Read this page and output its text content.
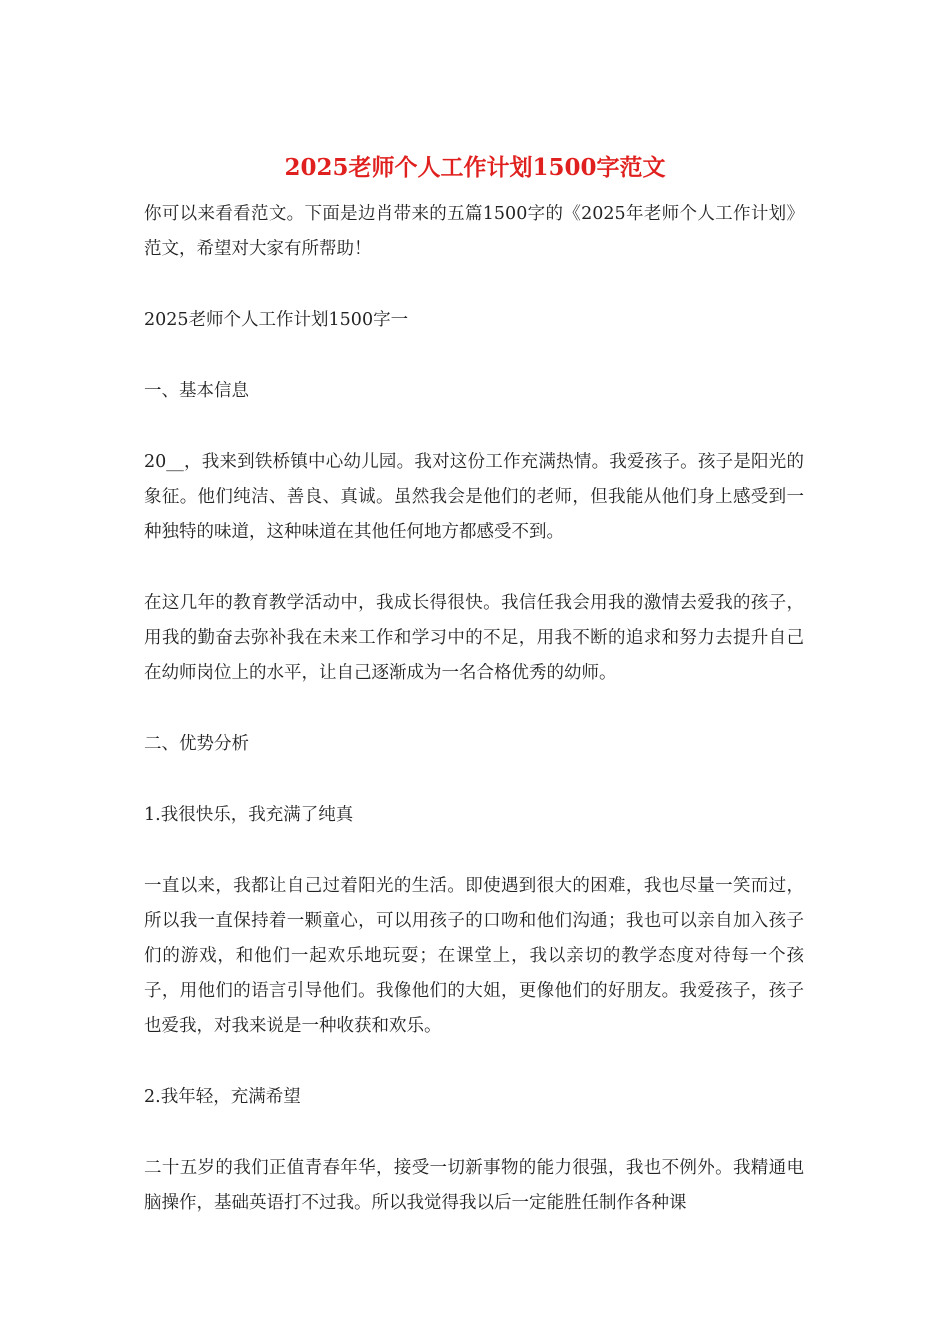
2025老师个人工作计划1500字范文

你可以来看看范文。下面是边肖带来的五篇1500字的《2025年老师个人工作计划》范文，希望对大家有所帮助！

2025老师个人工作计划1500字一

一、基本信息

20__，我来到铁桥镇中心幼儿园。我对这份工作充满热情。我爱孩子。孩子是阳光的象征。他们纯洁、善良、真诚。虽然我会是他们的老师，但我能从他们身上感受到一种独特的味道，这种味道在其他任何地方都感受不到。

在这几年的教育教学活动中，我成长得很快。我信任我会用我的激情去爱我的孩子，用我的勤奋去弥补我在未来工作和学习中的不足，用我不断的追求和努力去提升自己在幼师岗位上的水平，让自己逐渐成为一名合格优秀的幼师。

二、优势分析

1.我很快乐，我充满了纯真

一直以来，我都让自己过着阳光的生活。即使遇到很大的困难，我也尽量一笑而过，所以我一直保持着一颗童心，可以用孩子的口吻和他们沟通；我也可以亲自加入孩子们的游戏，和他们一起欢乐地玩耍；在课堂上，我以亲切的教学态度对待每一个孩子，用他们的语言引导他们。我像他们的大姐，更像他们的好朋友。我爱孩子，孩子也爱我，对我来说是一种收获和欢乐。

2.我年轻，充满希望

二十五岁的我们正值青春年华，接受一切新事物的能力很强，我也不例外。我精通电脑操作，基础英语打不过我。所以我觉得我以后一定能胜任制作各种课
